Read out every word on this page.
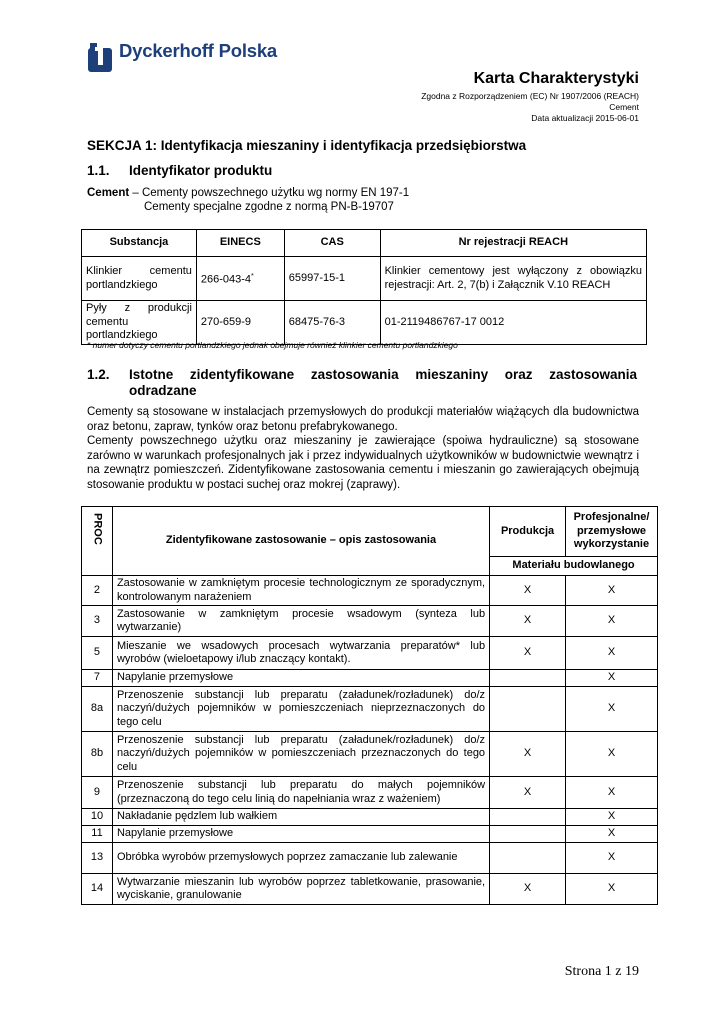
Dyckerhoff Polska
Karta Charakterystyki
Zgodna z Rozporządzeniem (EC) Nr 1907/2006 (REACH)
Cement
Data aktualizacji 2015-06-01
SEKCJA 1: Identyfikacja mieszaniny i identyfikacja przedsiębiorstwa
1.1. Identyfikator produktu
Cement – Cementy powszechnego użytku wg normy EN 197-1
Cementy specjalne zgodne z normą PN-B-19707
Substancja	EINECS	CAS	Nr rejestracji REACH
Klinkier cementu portlandzkiego	266-043-4*	65997-15-1	Klinkier cementowy jest wyłączony z obowiązku rejestracji: Art. 2, 7(b) i Załącznik V.10 REACH
Pyły z produkcji cementu portlandzkiego	270-659-9	68475-76-3	01-2119486767-17 0012
* numer dotyczy cementu portlandzkiego jednak obejmuje również klinkier cementu portlandzkiego
1.2. Istotne zidentyfikowane zastosowania mieszaniny oraz zastosowania odradzane
Cementy są stosowane w instalacjach przemysłowych do produkcji materiałów wiążących dla budownictwa oraz betonu, zapraw, tynków oraz betonu prefabrykowanego.
Cementy powszechnego użytku oraz mieszaniny je zawierające (spoiwa hydrauliczne) są stosowane zarówno w warunkach profesjonalnych jak i przez indywidualnych użytkowników w budownictwie wewnątrz i na zewnątrz pomieszczeń. Zidentyfikowane zastosowania cementu i mieszanin go zawierających obejmują stosowanie produktu w postaci suchej oraz mokrej (zaprawy).
PROC	Zidentyfikowane zastosowanie – opis zastosowania	Produkcja	Profesjonalne/ przemysłowe wykorzystanie
		Materiału budowlanego	
2	Zastosowanie w zamkniętym procesie technologicznym ze sporadycznym, kontrolowanym narażeniem	X	X
3	Zastosowanie w zamkniętym procesie wsadowym (synteza lub wytwarzanie)	X	X
5	Mieszanie we wsadowych procesach wytwarzania preparatów* lub wyrobów (wieloetapowy i/lub znaczący kontakt).	X	X
7	Napylanie przemysłowe		X
8a	Przenoszenie substancji lub preparatu (załadunek/rozładunek) do/z naczyń/dużych pojemników w pomieszczeniach nieprzeznaczonych do tego celu		X
8b	Przenoszenie substancji lub preparatu (załadunek/rozładunek) do/z naczyń/dużych pojemników w pomieszczeniach przeznaczonych do tego celu	X	X
9	Przenoszenie substancji lub preparatu do małych pojemników (przeznaczoną do tego celu linią do napełniania wraz z ważeniem)	X	X
10	Nakładanie pędzlem lub wałkiem		X
11	Napylanie przemysłowe		X
13	Obróbka wyrobów przemysłowych poprzez zamaczanie lub zalewanie		X
14	Wytwarzanie mieszanin lub wyrobów poprzez tabletkowanie, prasowanie, wyciskanie, granulowanie	X	X
Strona 1 z 19
